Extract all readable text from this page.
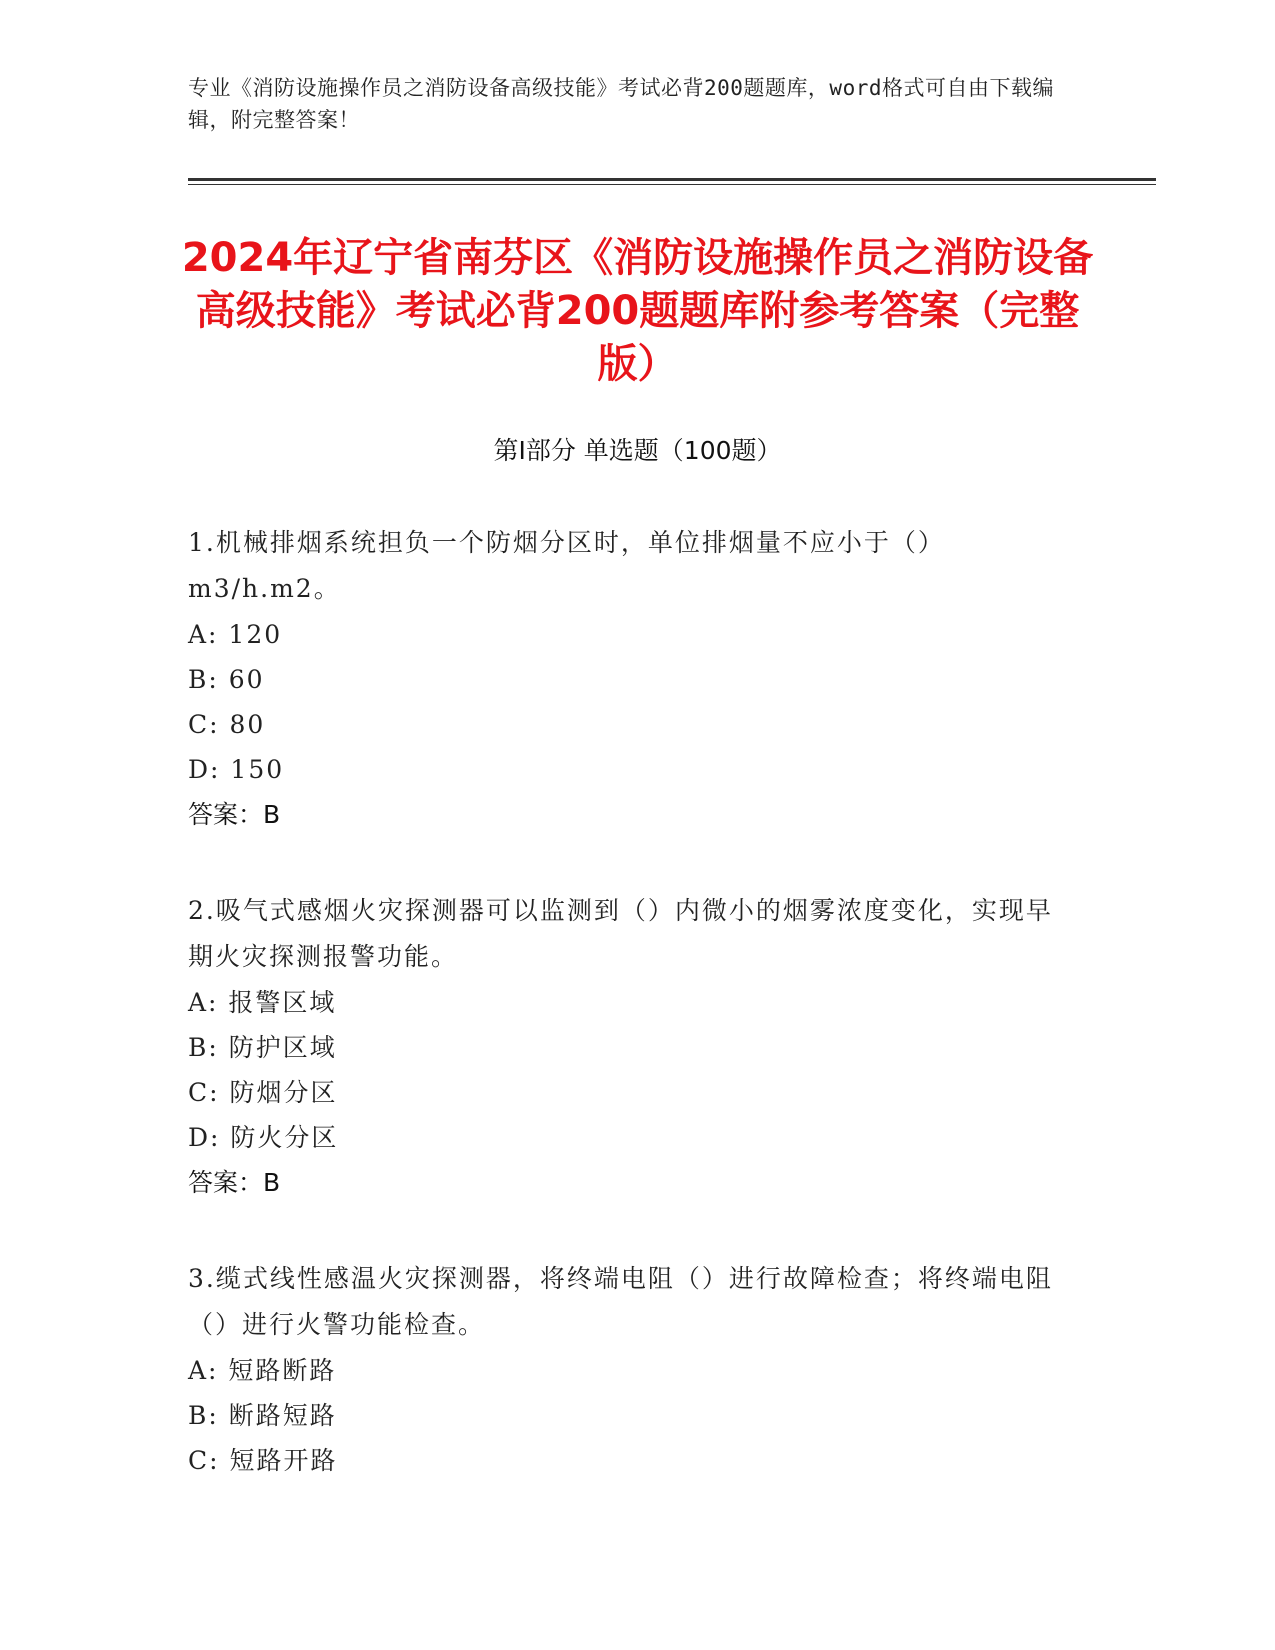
专业《消防设施操作员之消防设备高级技能》考试必背200题题库，word格式可自由下载编辑，附完整答案！
2024年辽宁省南芬区《消防设施操作员之消防设备高级技能》考试必背200题题库附参考答案（完整版）
第I部分 单选题（100题）
1.机械排烟系统担负一个防烟分区时，单位排烟量不应小于（）m3/h.m2。
A: 120
B: 60
C: 80
D: 150
答案：B
2.吸气式感烟火灾探测器可以监测到（）内微小的烟雾浓度变化，实现早期火灾探测报警功能。
A: 报警区域
B: 防护区域
C: 防烟分区
D: 防火分区
答案：B
3.缆式线性感温火灾探测器，将终端电阻（）进行故障检查；将终端电阻（）进行火警功能检查。
A: 短路断路
B: 断路短路
C: 短路开路
